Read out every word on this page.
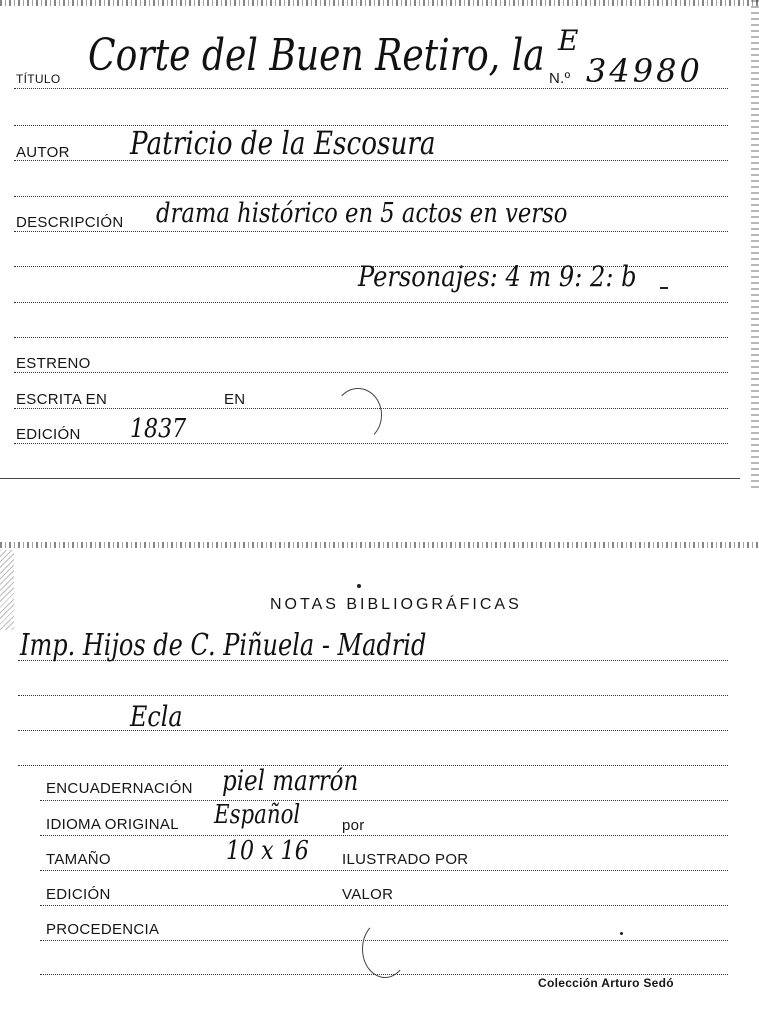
TÍTULO Corte del Buen Retiro, la E
N.º 34980
AUTOR Patricio de la Escosura
DESCRIPCIÓN drama histórico en 5 actos en verso
Personajes: 4 m 9: 2: b
ESTRENO
ESCRITA EN	EN
EDICIÓN 1837
NOTAS BIBLIOGRÁFICAS
Imp. Hijos de C. Piñuela - Madrid
Ecla
ENCUADERNACIÓN piel marrón
IDIOMA ORIGINAL Español	por
TAMAÑO	10 x 16 ILUSTRADO POR
EDICIÓN	VALOR
PROCEDENCIA
Colección Arturo Sedó
